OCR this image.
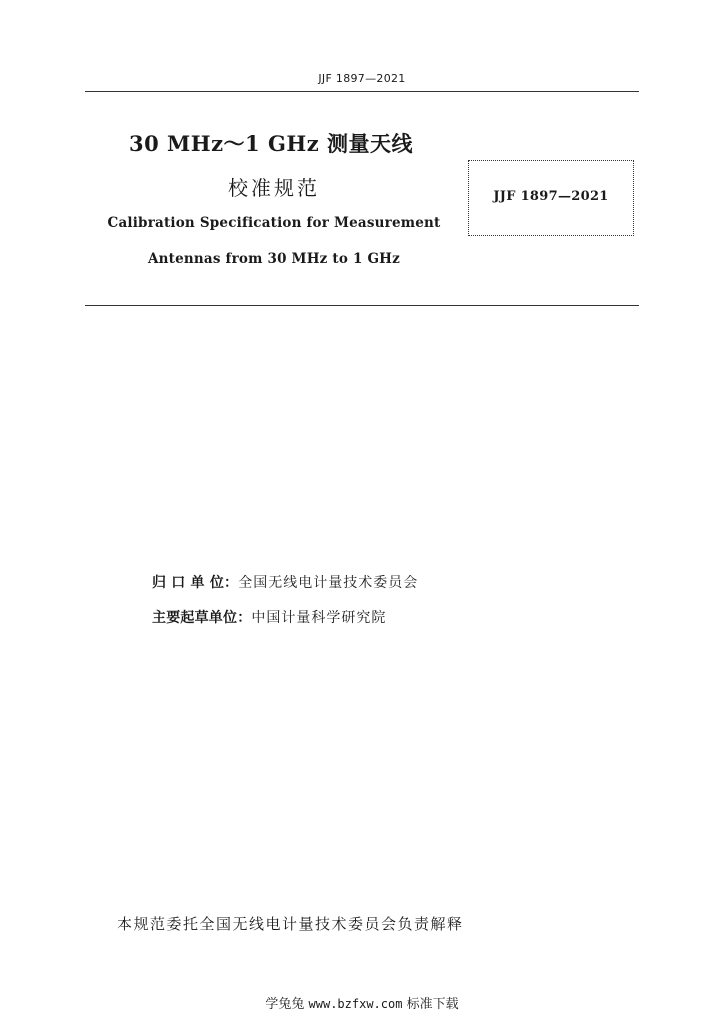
JJF 1897—2021
30 MHz～1 GHz 测量天线
校准规范
Calibration Specification for Measurement
Antennas from 30 MHz to 1 GHz
JJF 1897—2021
归 口 单 位：全国无线电计量技术委员会
主要起草单位：中国计量科学研究院
本规范委托全国无线电计量技术委员会负责解释
学兔兔 www.bzfxw.com 标准下载
